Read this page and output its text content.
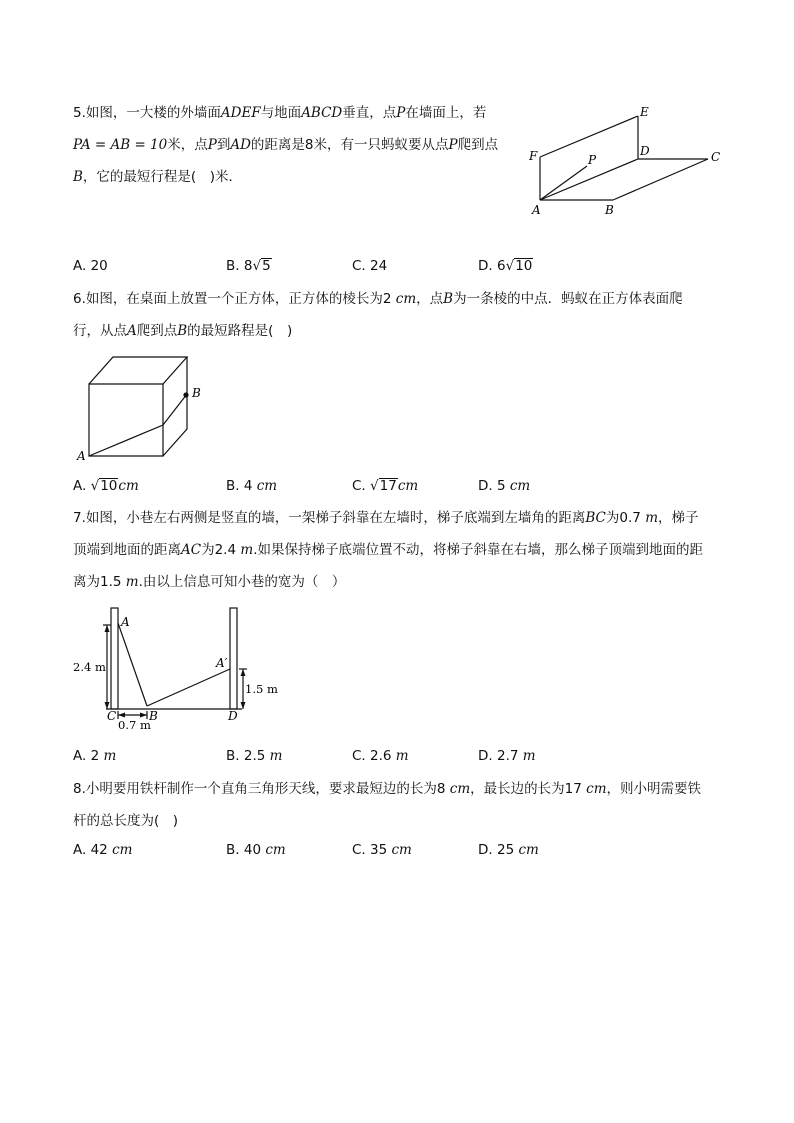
5.如图，一大楼的外墙面ADEF与地面ABCD垂直，点P在墙面上，若
PA = AB = 10米，点P到AD的距离是8米，有一只蚂蚁要从点P爬到点
B，它的最短行程是(　)米．
E
F	P
D	C
A	B
A. 20	B. 8√5	C. 24	D. 6√10
6.如图，在桌面上放置一个正方体，正方体的棱长为2 cm，点B为一条棱的中点．蚂蚁在正方体表面爬
行，从点A爬到点B的最短路程是(　)
A
B
A. √10cm	B. 4 cm	C. √17cm	D. 5 cm
7.如图，小巷左右两侧是竖直的墙，一架梯子斜靠在左墙时，梯子底端到左墙角的距离BC为0.7 m，梯子
顶端到地面的距离AC为2.4 m.如果保持梯子底端位置不动，将梯子斜靠在右墙，那么梯子顶端到地面的距
离为1.5 m.由以上信息可知小巷的宽为（　）
A
A′
C	B	D
2.4 m
1.5 m
0.7 m
A. 2 m	B. 2.5 m	C. 2.6 m	D. 2.7 m
8.小明要用铁杆制作一个直角三角形天线，要求最短边的长为8 cm，最长边的长为17 cm，则小明需要铁
杆的总长度为(　)
A. 42 cm	B. 40 cm	C. 35 cm	D. 25 cm
